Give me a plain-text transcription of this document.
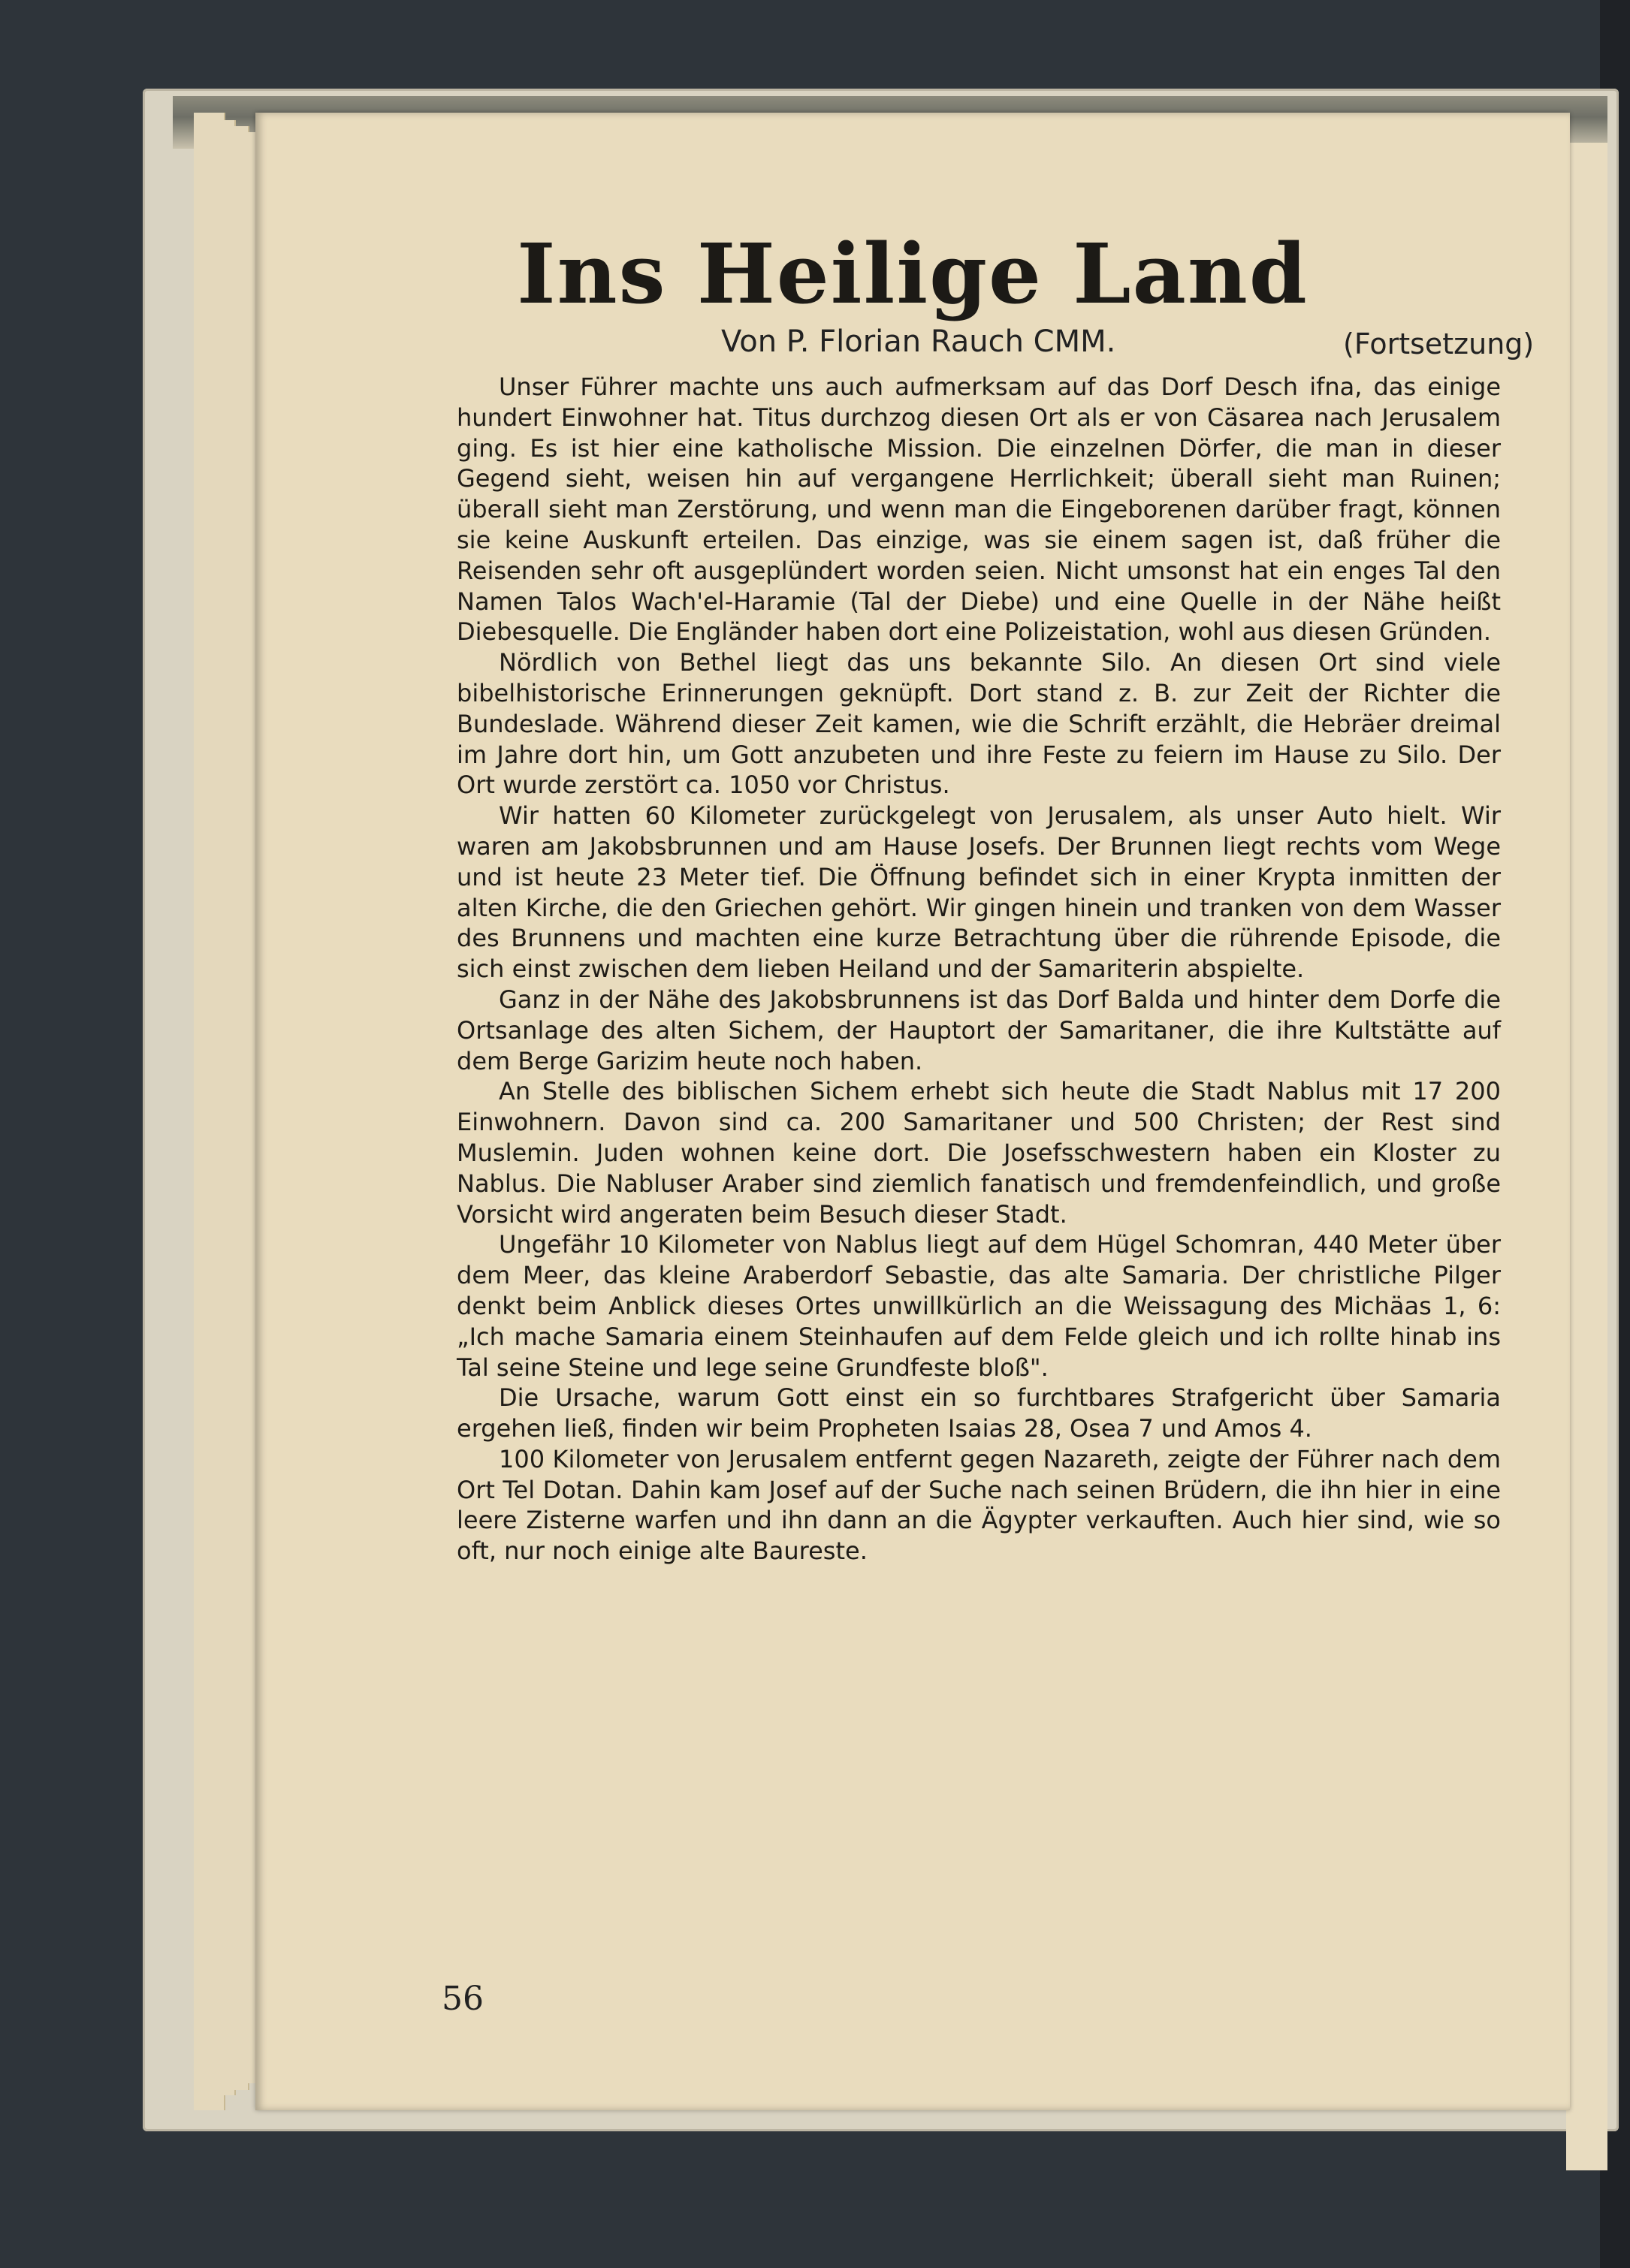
Ins Heilige Land
Von P. Florian Rauch CMM.	(Fortsetzung)

Unser Führer machte uns auch aufmerksam auf das Dorf Desch ifna, das einige hundert Einwohner hat. Titus durchzog diesen Ort als er von Cäsarea nach Jerusalem ging. Es ist hier eine katholische Mission. Die einzelnen Dörfer, die man in dieser Gegend sieht, weisen hin auf vergangene Herrlichkeit; überall sieht man Ruinen; überall sieht man Zerstörung, und wenn man die Eingeborenen darüber fragt, können sie keine Auskunft erteilen. Das einzige, was sie einem sagen ist, daß früher die Reisenden sehr oft ausgeplündert worden seien. Nicht umsonst hat ein enges Tal den Namen Talos Wach'el-Haramie (Tal der Diebe) und eine Quelle in der Nähe heißt Diebesquelle. Die Engländer haben dort eine Polizeistation, wohl aus diesen Gründen.

Nördlich von Bethel liegt das uns bekannte Silo. An diesen Ort sind viele bibelhistorische Erinnerungen geknüpft. Dort stand z. B. zur Zeit der Richter die Bundeslade. Während dieser Zeit kamen, wie die Schrift erzählt, die Hebräer dreimal im Jahre dort hin, um Gott anzubeten und ihre Feste zu feiern im Hause zu Silo. Der Ort wurde zerstört ca. 1050 vor Christus.

Wir hatten 60 Kilometer zurückgelegt von Jerusalem, als unser Auto hielt. Wir waren am Jakobsbrunnen und am Hause Josefs. Der Brunnen liegt rechts vom Wege und ist heute 23 Meter tief. Die Öffnung befindet sich in einer Krypta inmitten der alten Kirche, die den Griechen gehört. Wir gingen hinein und tranken von dem Wasser des Brunnens und machten eine kurze Betrachtung über die rührende Episode, die sich einst zwischen dem lieben Heiland und der Samariterin abspielte.

Ganz in der Nähe des Jakobsbrunnens ist das Dorf Balda und hinter dem Dorfe die Ortsanlage des alten Sichem, der Hauptort der Samaritaner, die ihre Kultstätte auf dem Berge Garizim heute noch haben.

An Stelle des biblischen Sichem erhebt sich heute die Stadt Nablus mit 17 200 Einwohnern. Davon sind ca. 200 Samaritaner und 500 Christen; der Rest sind Muslemin. Juden wohnen keine dort. Die Josefsschwestern haben ein Kloster zu Nablus. Die Nabluser Araber sind ziemlich fanatisch und fremdenfeindlich, und große Vorsicht wird angeraten beim Besuch dieser Stadt.

Ungefähr 10 Kilometer von Nablus liegt auf dem Hügel Schomran, 440 Meter über dem Meer, das kleine Araberdorf Sebastie, das alte Samaria. Der christliche Pilger denkt beim Anblick dieses Ortes unwillkürlich an die Weissagung des Michäas 1, 6: „Ich mache Samaria einem Steinhaufen auf dem Felde gleich und ich rollte hinab ins Tal seine Steine und lege seine Grundfeste bloß".

Die Ursache, warum Gott einst ein so furchtbares Strafgericht über Samaria ergehen ließ, finden wir beim Propheten Isaias 28, Osea 7 und Amos 4.

100 Kilometer von Jerusalem entfernt gegen Nazareth, zeigte der Führer nach dem Ort Tel Dotan. Dahin kam Josef auf der Suche nach seinen Brüdern, die ihn hier in eine leere Zisterne warfen und ihn dann an die Ägypter verkauften. Auch hier sind, wie so oft, nur noch einige alte Baureste.

56
